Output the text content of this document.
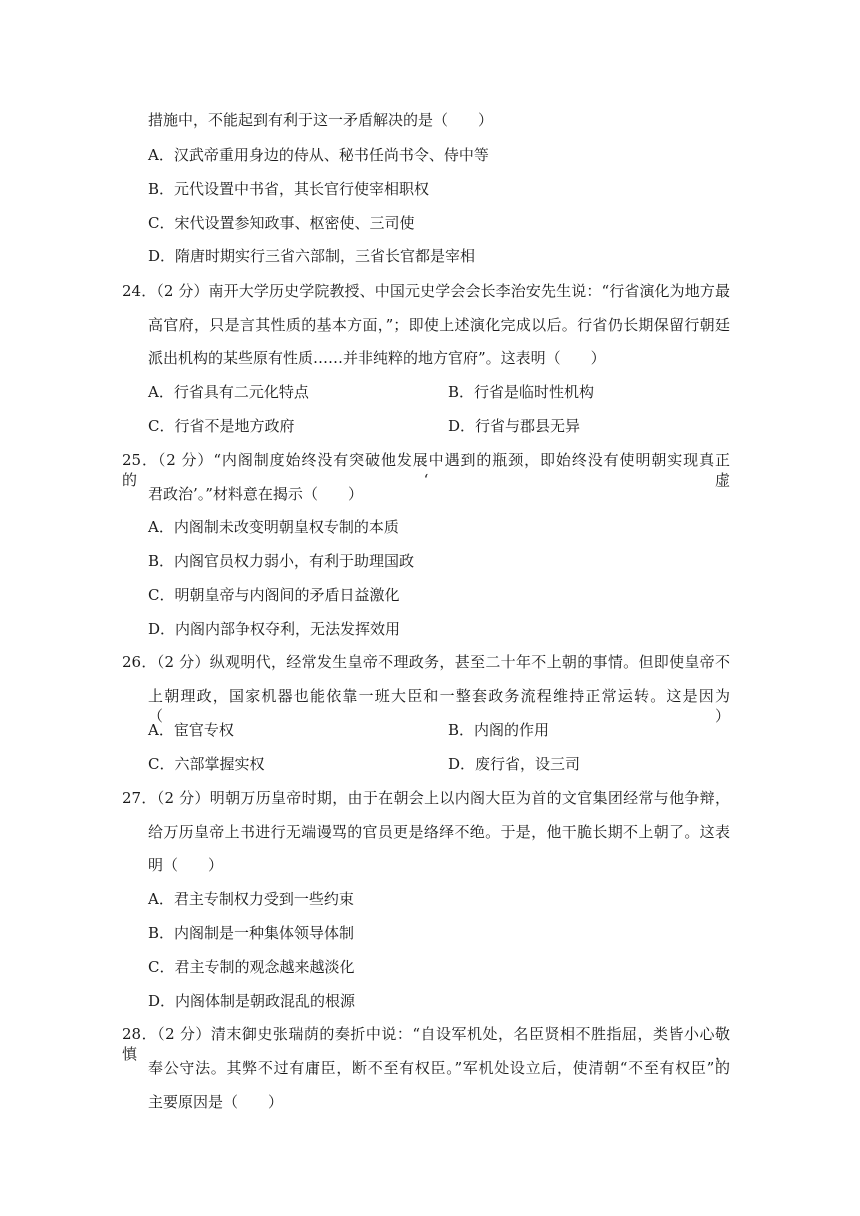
措施中，不能起到有利于这一矛盾解决的是（　　）
A．汉武帝重用身边的侍从、秘书任尚书令、侍中等
B．元代设置中书省，其长官行使宰相职权
C．宋代设置参知政事、枢密使、三司使
D．隋唐时期实行三省六部制，三省长官都是宰相
24．（2 分）南开大学历史学院教授、中国元史学会会长李治安先生说：“行省演化为地方最
高官府，只是言其性质的基本方面，”；即使上述演化完成以后。行省仍长期保留行朝廷
派出机构的某些原有性质……并非纯粹的地方官府”。这表明（　　）
A．行省具有二元化特点	B．行省是临时性机构
C．行省不是地方政府	D．行省与郡县无异
25．（2 分）“内阁制度始终没有突破他发展中遇到的瓶颈，即始终没有使明朝实现真正的‘虚
君政治’。”材料意在揭示（　　）
A．内阁制未改变明朝皇权专制的本质
B．内阁官员权力弱小，有利于助理国政
C．明朝皇帝与内阁间的矛盾日益激化
D．内阁内部争权夺利，无法发挥效用
26．（2 分）纵观明代，经常发生皇帝不理政务，甚至二十年不上朝的事情。但即使皇帝不
上朝理政，国家机器也能依靠一班大臣和一整套政务流程维持正常运转。这是因为（　　）
A．宦官专权	B．内阁的作用
C．六部掌握实权	D．废行省，设三司
27．（2 分）明朝万历皇帝时期，由于在朝会上以内阁大臣为首的文官集团经常与他争辩，
给万历皇帝上书进行无端谩骂的官员更是络绎不绝。于是，他干脆长期不上朝了。这表
明（　　）
A．君主专制权力受到一些约束
B．内阁制是一种集体领导体制
C．君主专制的观念越来越淡化
D．内阁体制是朝政混乱的根源
28．（2 分）清末御史张瑞荫的奏折中说：“自设军机处，名臣贤相不胜指屈，类皆小心敬慎，
奉公守法。其弊不过有庸臣，断不至有权臣。”军机处设立后，使清朝“不至有权臣”的
主要原因是（　　）
